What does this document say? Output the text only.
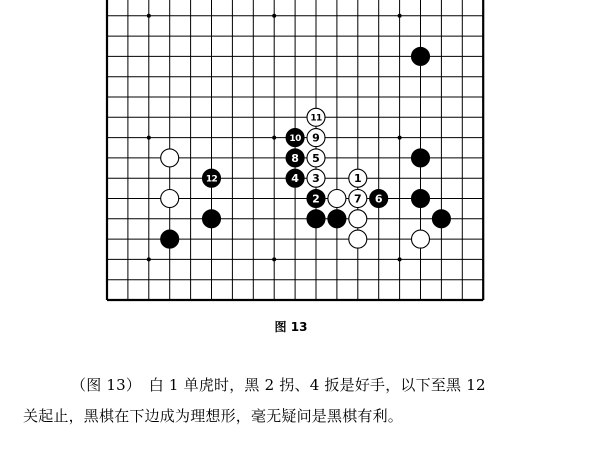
11
10 9
8 5
4 3	1
12
2	7 6
图 13
（图 13）　白 1 单虎时，黑 2 拐、4 扳是好手，以下至黑 12
关起止，黑棋在下边成为理想形，毫无疑问是黑棋有利。
